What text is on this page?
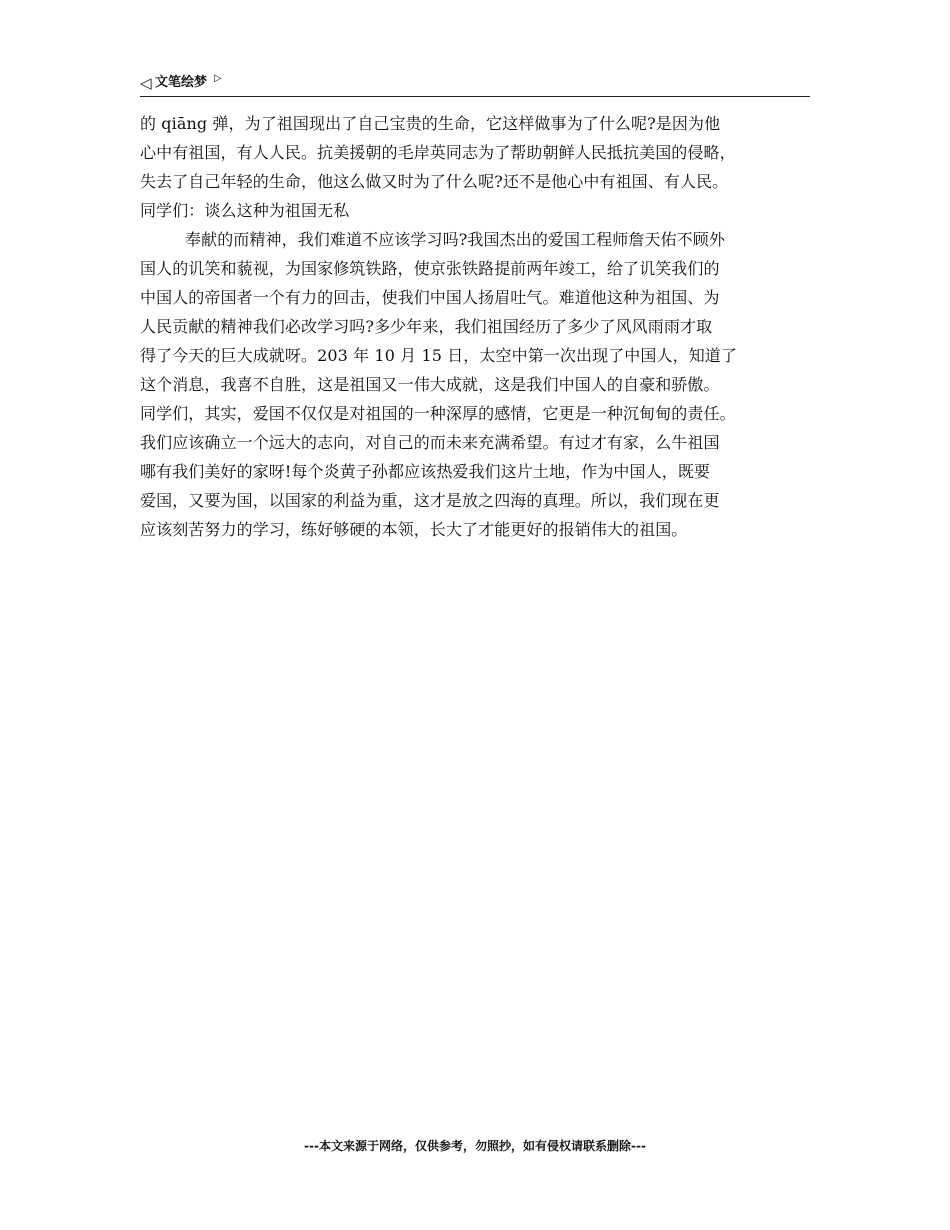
◁ 文笔绘梦 ▷
的 qiāng 弹，为了祖国现出了自己宝贵的生命，它这样做事为了什么呢?是因为他
心中有祖国，有人人民。抗美援朝的毛岸英同志为了帮助朝鲜人民抵抗美国的侵略，
失去了自己年轻的生命，他这么做又时为了什么呢?还不是他心中有祖国、有人民。
同学们：谈么这种为祖国无私
奉献的而精神，我们难道不应该学习吗?我国杰出的爱国工程师詹天佑不顾外
国人的讥笑和藐视，为国家修筑铁路，使京张铁路提前两年竣工，给了讥笑我们的
中国人的帝国者一个有力的回击，使我们中国人扬眉吐气。难道他这种为祖国、为
人民贡献的精神我们必改学习吗?多少年来，我们祖国经历了多少了风风雨雨才取
得了今天的巨大成就呀。203 年 10 月 15 日，太空中第一次出现了中国人，知道了
这个消息，我喜不自胜，这是祖国又一伟大成就，这是我们中国人的自豪和骄傲。
同学们，其实，爱国不仅仅是对祖国的一种深厚的感情，它更是一种沉甸甸的责任。
我们应该确立一个远大的志向，对自己的而未来充满希望。有过才有家，么牛祖国
哪有我们美好的家呀!每个炎黄子孙都应该热爱我们这片土地，作为中国人，既要
爱国，又要为国，以国家的利益为重，这才是放之四海的真理。所以，我们现在更
应该刻苦努力的学习，练好够硬的本领，长大了才能更好的报销伟大的祖国。
---本文来源于网络，仅供参考，勿照抄，如有侵权请联系删除---
